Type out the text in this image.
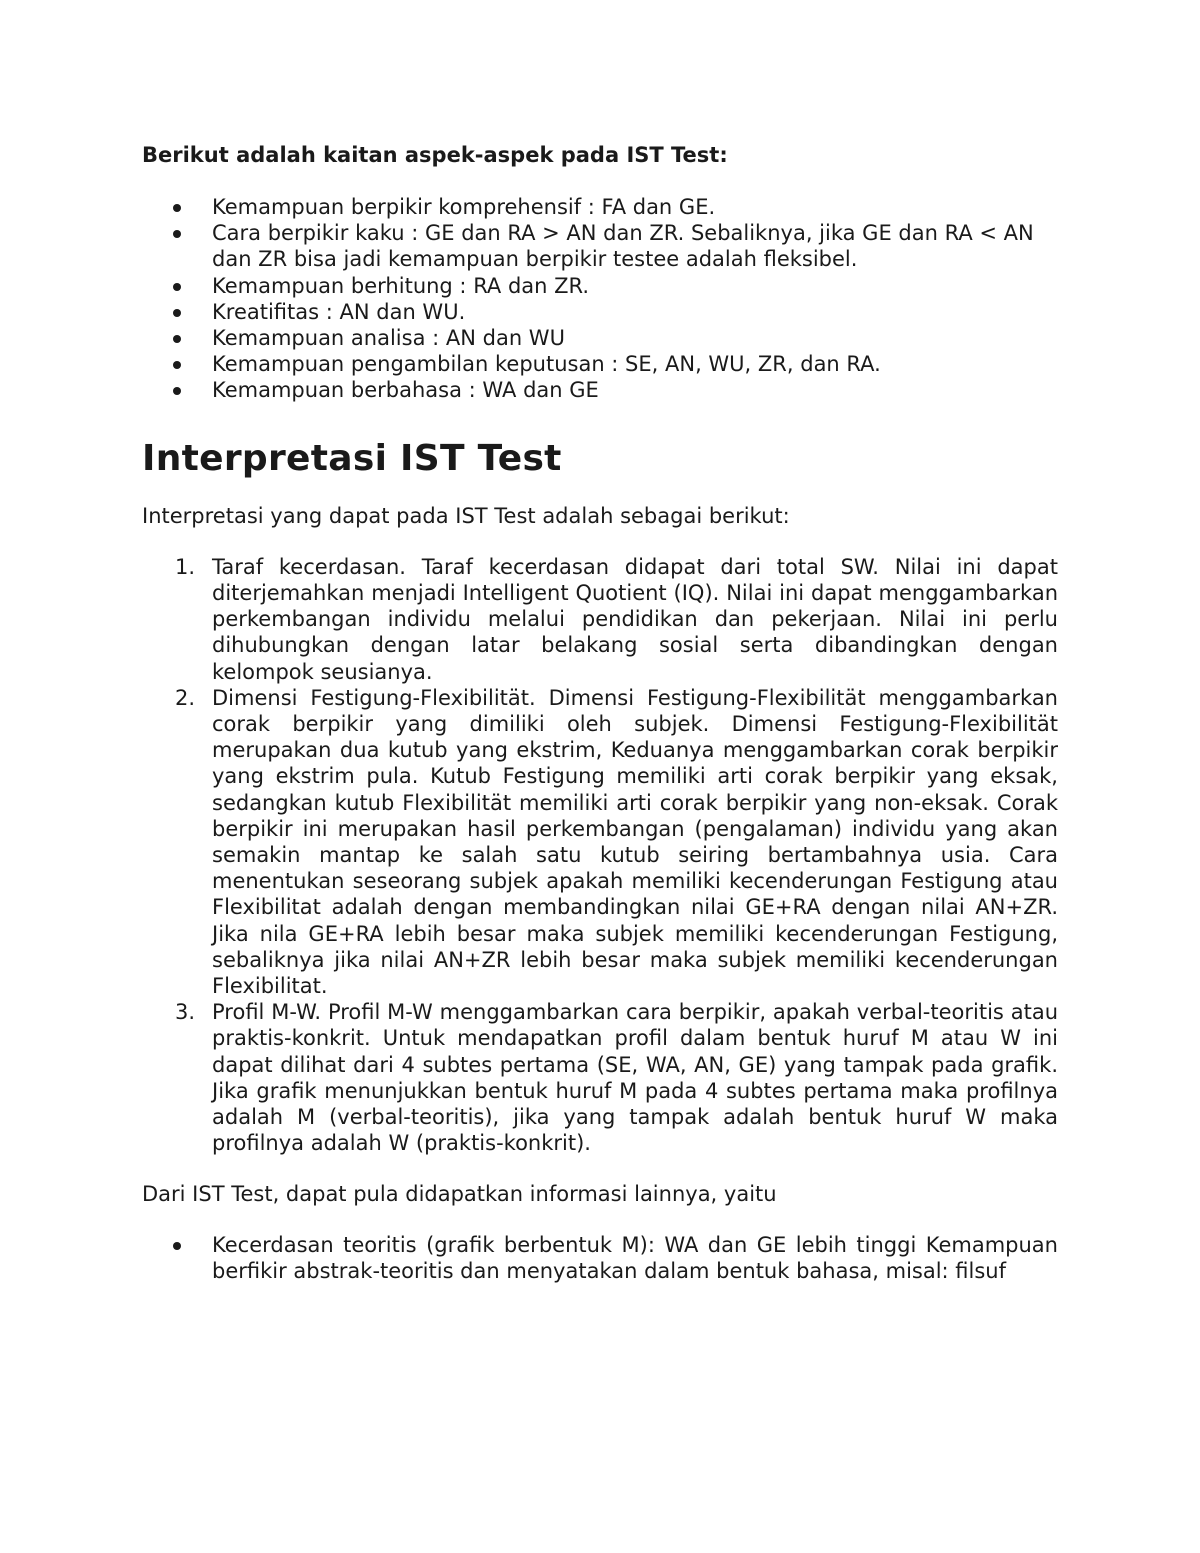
Berikut adalah kaitan aspek-aspek pada IST Test:
Kemampuan berpikir komprehensif : FA dan GE.
Cara berpikir kaku : GE dan RA > AN dan ZR. Sebaliknya, jika GE dan RA < AN dan ZR bisa jadi kemampuan berpikir testee adalah fleksibel.
Kemampuan berhitung : RA dan ZR.
Kreatifitas : AN dan WU.
Kemampuan analisa : AN dan WU
Kemampuan pengambilan keputusan : SE, AN, WU, ZR, dan RA.
Kemampuan berbahasa : WA dan GE
Interpretasi IST Test

Interpretasi yang dapat pada IST Test adalah sebagai berikut:

1. Taraf kecerdasan. Taraf kecerdasan didapat dari total SW. Nilai ini dapat diterjemahkan menjadi Intelligent Quotient (IQ). Nilai ini dapat menggambarkan perkembangan individu melalui pendidikan dan pekerjaan. Nilai ini perlu dihubungkan dengan latar belakang sosial serta dibandingkan dengan kelompok seusianya.
2. Dimensi Festigung-Flexibilität. Dimensi Festigung-Flexibilität menggambarkan corak berpikir yang dimiliki oleh subjek. Dimensi Festigung-Flexibilität merupakan dua kutub yang ekstrim, Keduanya menggambarkan corak berpikir yang ekstrim pula. Kutub Festigung memiliki arti corak berpikir yang eksak, sedangkan kutub Flexibilität memiliki arti corak berpikir yang non-eksak. Corak berpikir ini merupakan hasil perkembangan (pengalaman) individu yang akan semakin mantap ke salah satu kutub seiring bertambahnya usia. Cara menentukan seseorang subjek apakah memiliki kecenderungan Festigung atau Flexibilitat adalah dengan membandingkan nilai GE+RA dengan nilai AN+ZR. Jika nila GE+RA lebih besar maka subjek memiliki kecenderungan Festigung, sebaliknya jika nilai AN+ZR lebih besar maka subjek memiliki kecenderungan Flexibilitat.
3. Profil M-W. Profil M-W menggambarkan cara berpikir, apakah verbal-teoritis atau praktis-konkrit. Untuk mendapatkan profil dalam bentuk huruf M atau W ini dapat dilihat dari 4 subtes pertama (SE, WA, AN, GE) yang tampak pada grafik. Jika grafik menunjukkan bentuk huruf M pada 4 subtes pertama maka profilnya adalah M (verbal-teoritis), jika yang tampak adalah bentuk huruf W maka profilnya adalah W (praktis-konkrit).

Dari IST Test, dapat pula didapatkan informasi lainnya, yaitu

Kecerdasan teoritis (grafik berbentuk M): WA dan GE lebih tinggi Kemampuan berfikir abstrak-teoritis dan menyatakan dalam bentuk bahasa, misal: filsuf
